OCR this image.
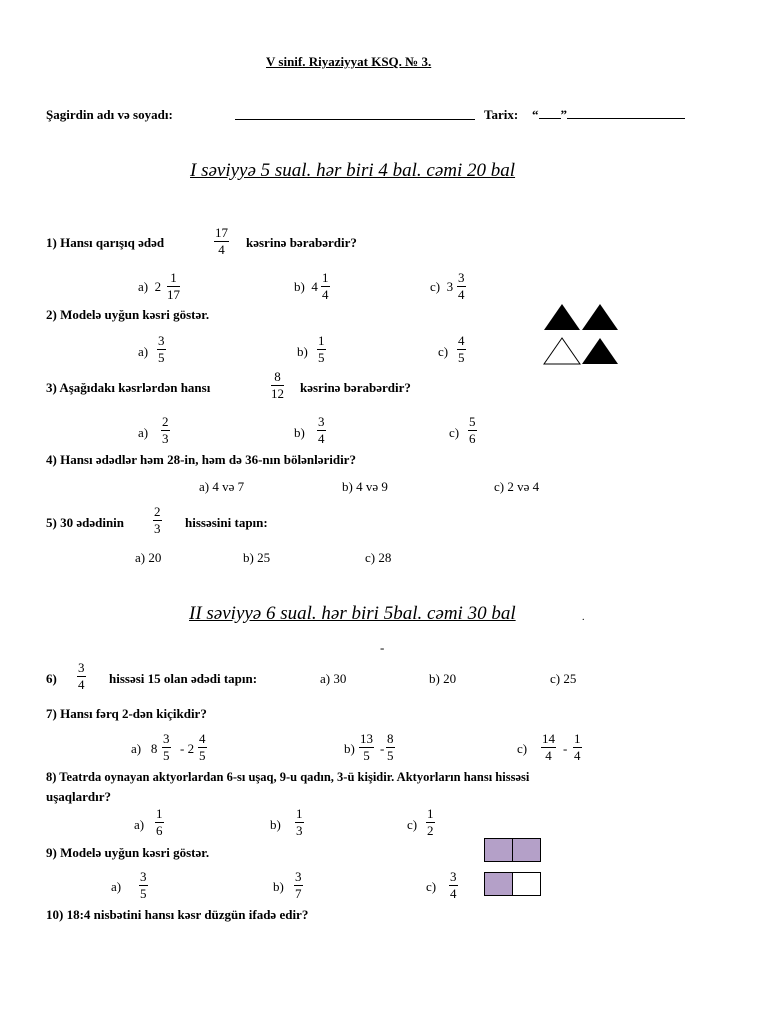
V sinif. Riyaziyyat KSQ. № 3.
Şagirdin adı və soyadı:	Tarix: “ ”
I səviyyə 5 sual. hər biri 4 bal. cəmi 20 bal
1) Hansı qarışıq ədəd	$\frac{17}{4}$ kəsrinə bərabərdir?
a) $2 \frac{1}{17}$	b) $4 \frac{1}{4}$	c) $3 \frac{3}{4}$
2) Modelə uyğun kəsri göstər.
$a) \frac{3}{5}$	$b) \frac{1}{5}$	$c) \frac{4}{5}$
3) Aşağıdakı kəsrlərdən hansı	$\frac{8}{12}$ kəsrinə bərabərdir?
$a) \frac{2}{3}$	$b) \frac{3}{4}$	$c) \frac{5}{6}$
4) Hansı ədədlər həm 28-in, həm də 36-nın bölənləridir?
a) 4 və 7	b) 4 və 9	c) 2 və 4
5) 30 ədədinin $\frac{2}{3}$ hissəsini tapın:
a) 20	b) 25	c) 28
II səviyyə 6 sual. hər biri 5bal. cəmi 30 bal	.
-
$6) \frac{3}{4}$ hissəsi 15 olan ədədi tapın:	a) 30	b) 20	c) 25
7) Hansı fərq 2-dən kiçikdir?
a) $8 \frac{3}{5} - 2 \frac{4}{5}$	$b) \frac{13}{5} - \frac{8}{5}$	$c) \frac{14}{4} - \frac{1}{4}$
8) Teatrda oynayan aktyorlardan 6-sı uşaq, 9-u qadın, 3-ü kişidir. Aktyorların hansı hissəsi
uşaqlardır?
$a) \frac{1}{6}$	$b) \frac{1}{3}$	$c) \frac{1}{2}$
9) Modelə uyğun kəsri göstər.
$a) \frac{3}{5}$	$b) \frac{3}{7}$	$c) \frac{3}{4}$
10) 18:4 nisbətini hansı kəsr düzgün ifadə edir?
